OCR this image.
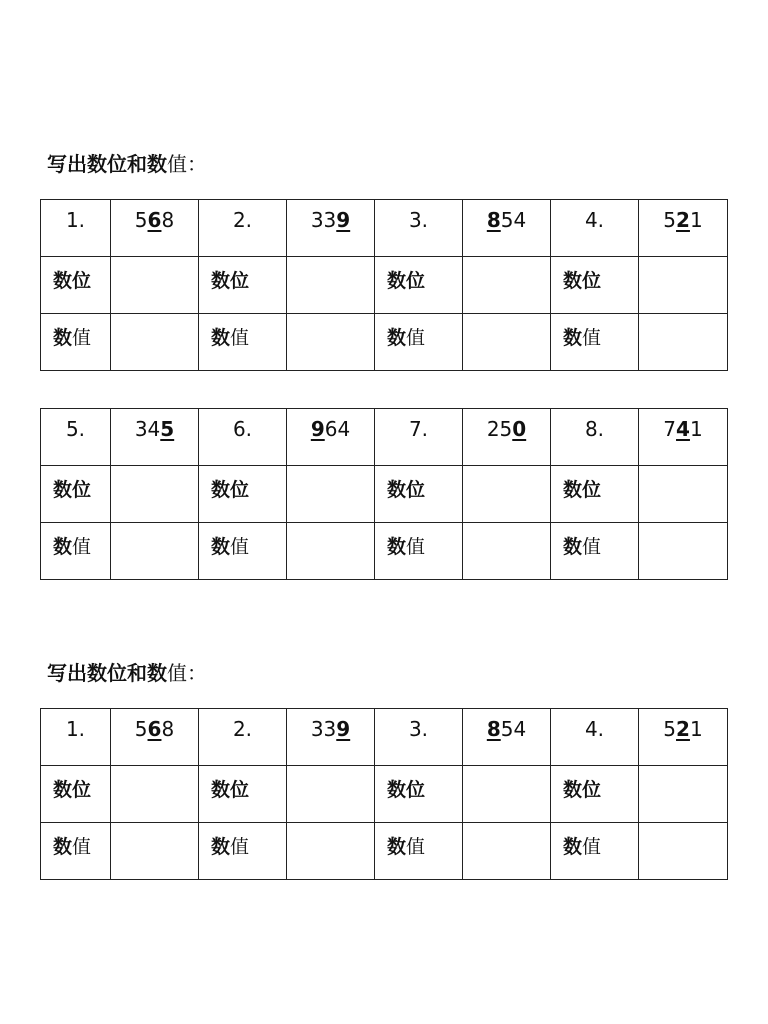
写出数位和数值：
1.	568	2.	339	3.	854	4.	521

数位		数位		数位		数位	

数值		数值		数值		数值	

5.	345	6.	964	7.	250	8.	741

数位		数位		数位		数位	

数值		数值		数值		数值	

写出数位和数值：
1.	568	2.	339	3.	854	4.	521

数位		数位		数位		数位	

数值		数值		数值		数值	
